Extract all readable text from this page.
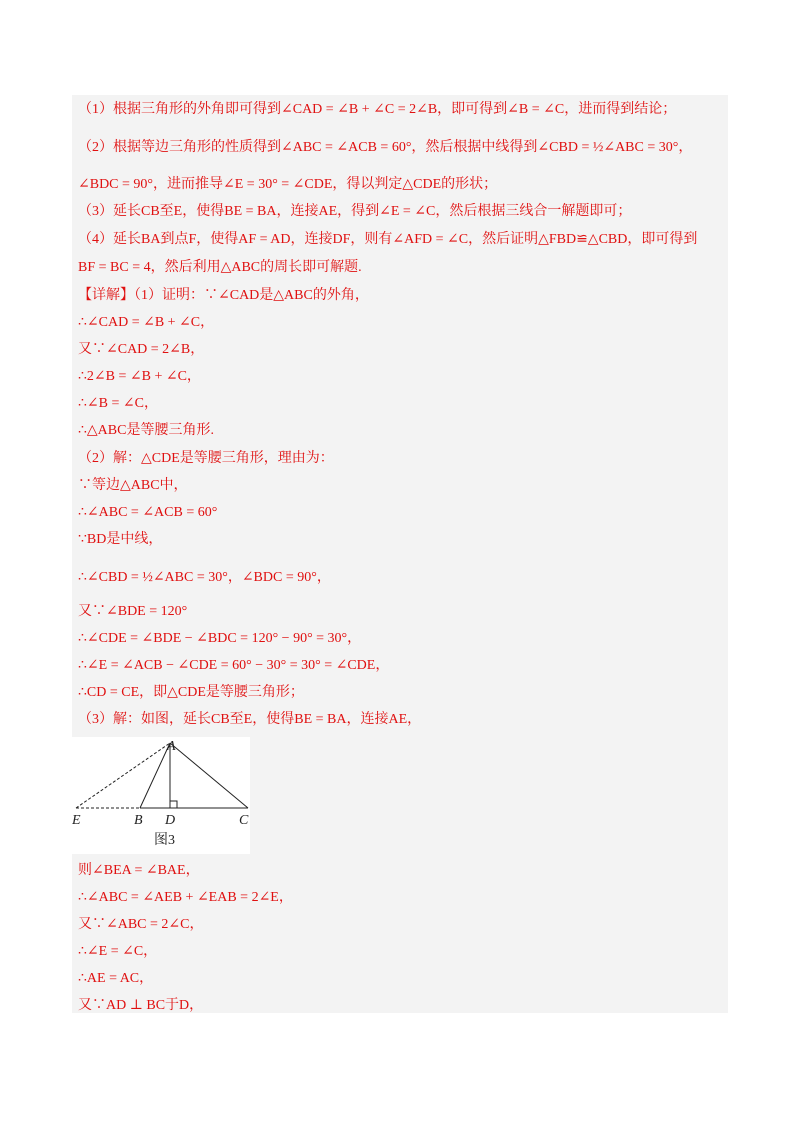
（1）根据三角形的外角即可得到∠CAD = ∠B + ∠C = 2∠B，即可得到∠B = ∠C，进而得到结论；
（2）根据等边三角形的性质得到∠ABC = ∠ACB = 60°，然后根据中线得到∠CBD = ½∠ABC = 30°，
∠BDC = 90°，进而推导∠E = 30° = ∠CDE，得以判定△CDE的形状；
（3）延长CB至E，使得BE = BA，连接AE，得到∠E = ∠C，然后根据三线合一解题即可；
（4）延长BA到点F，使得AF = AD，连接DF，则有∠AFD = ∠C，然后证明△FBD≌△CBD，即可得到
BF = BC = 4，然后利用△ABC的周长即可解题.
【详解】（1）证明：∵∠CAD是△ABC的外角，
∴∠CAD = ∠B + ∠C，
又∵∠CAD = 2∠B，
∴2∠B = ∠B + ∠C，
∴∠B = ∠C，
∴△ABC是等腰三角形.
（2）解：△CDE是等腰三角形，理由为：
∵等边△ABC中，
∴∠ABC = ∠ACB = 60°
∵BD是中线，
∴∠CBD = ½∠ABC = 30°，∠BDC = 90°，
又∵∠BDE = 120°
∴∠CDE = ∠BDE − ∠BDC = 120° − 90° = 30°，
∴∠E = ∠ACB − ∠CDE = 60° − 30° = 30° = ∠CDE，
∴CD = CE，即△CDE是等腰三角形；
（3）解：如图，延长CB至E，使得BE = BA，连接AE，
A
E	B D	C
图3
则∠BEA = ∠BAE，
∴∠ABC = ∠AEB + ∠EAB = 2∠E，
又∵∠ABC = 2∠C，
∴∠E = ∠C，
∴AE = AC，
又∵AD ⊥ BC于D，
